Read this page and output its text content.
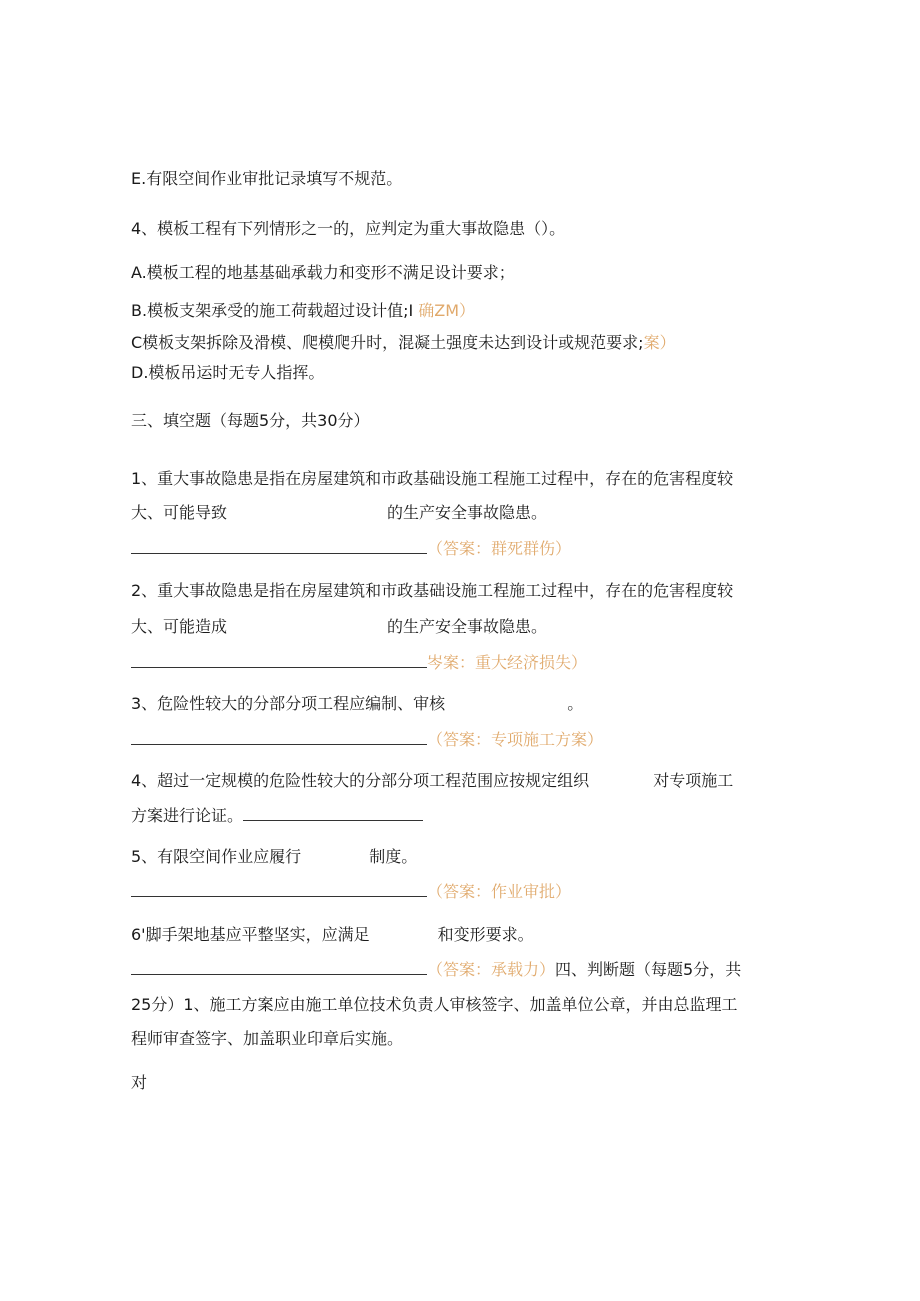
E.有限空间作业审批记录填写不规范。
4、模板工程有下列情形之一的，应判定为重大事故隐患（）。
A.模板工程的地基基础承载力和变形不满足设计要求；
B.模板支架承受的施工荷载超过设计值;I 确ZM）
C模板支架拆除及滑模、爬模爬升时，混凝土强度未达到设计或规范要求;案）
D.模板吊运时无专人指挥。
三、填空题（每题5分，共30分）
1、重大事故隐患是指在房屋建筑和市政基础设施工程施工过程中，存在的危害程度较
大、可能导致	的生产安全事故隐患。
（答案：群死群伤）
2、重大事故隐患是指在房屋建筑和市政基础设施工程施工过程中，存在的危害程度较
大、可能造成	的生产安全事故隐患。
岑案：重大经济损失）
3、危险性较大的分部分项工程应编制、审核	。
（答案：专项施工方案）
4、超过一定规模的危险性较大的分部分项工程范围应按规定组织	对专项施工
方案进行论证。
5、有限空间作业应履行	制度。
（答案：作业审批）
6'脚手架地基应平整坚实，应满足	和变形要求。
（答案：承载力）四、判断题（每题5分，共
25分）1、施工方案应由施工单位技术负责人审核签字、加盖单位公章，并由总监理工
程师审查签字、加盖职业印章后实施。
对
